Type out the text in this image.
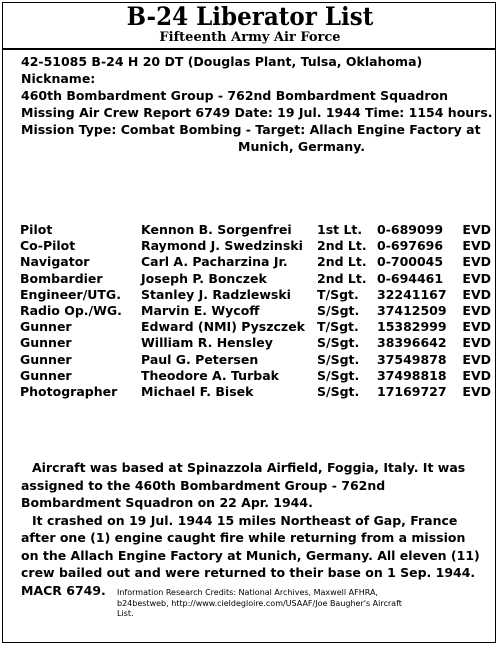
B-24 Liberator List
Fifteenth Army Air Force
42-51085 B-24 H 20 DT (Douglas Plant, Tulsa, Oklahoma)
Nickname:
460th Bombardment Group - 762nd Bombardment Squadron
Missing Air Crew Report 6749 Date: 19 Jul. 1944 Time: 1154 hours.
Mission Type: Combat Bombing - Target: Allach Engine Factory at
Munich, Germany.
Pilot	Kennon B. Sorgenfrei	1st Lt.	0-689099	EVD
Co-Pilot	Raymond J. Swedzinski	2nd Lt.	0-697696	EVD
Navigator	Carl A. Pacharzina Jr.	2nd Lt.	0-700045	EVD
Bombardier	Joseph P. Bonczek	2nd Lt.	0-694461	EVD
Engineer/UTG.	Stanley J. Radzlewski	T/Sgt.	32241167	EVD
Radio Op./WG.	Marvin E. Wycoff	S/Sgt.	37412509	EVD
Gunner	Edward (NMI) Pyszczek	T/Sgt.	15382999	EVD
Gunner	William R. Hensley	S/Sgt.	38396642	EVD
Gunner	Paul G. Petersen	S/Sgt.	37549878	EVD
Gunner	Theodore A. Turbak	S/Sgt.	37498818	EVD
Photographer	Michael F. Bisek	S/Sgt.	17169727	EVD

Aircraft was based at Spinazzola Airfield, Foggia, Italy. It was assigned to the 460th Bombardment Group - 762nd Bombardment Squadron on 22 Apr. 1944.

It crashed on 19 Jul. 1944 15 miles Northeast of Gap, France after one (1) engine caught fire while returning from a mission on the Allach Engine Factory at Munich, Germany. All eleven (11) crew bailed out and were returned to their base on 1 Sep. 1944. MACR 6749.	Information Research Credits: National Archives, Maxwell AFHRA, b24bestweb, http://www.cieldegloire.com/USAAF/Joe Baugher's Aircraft List.
